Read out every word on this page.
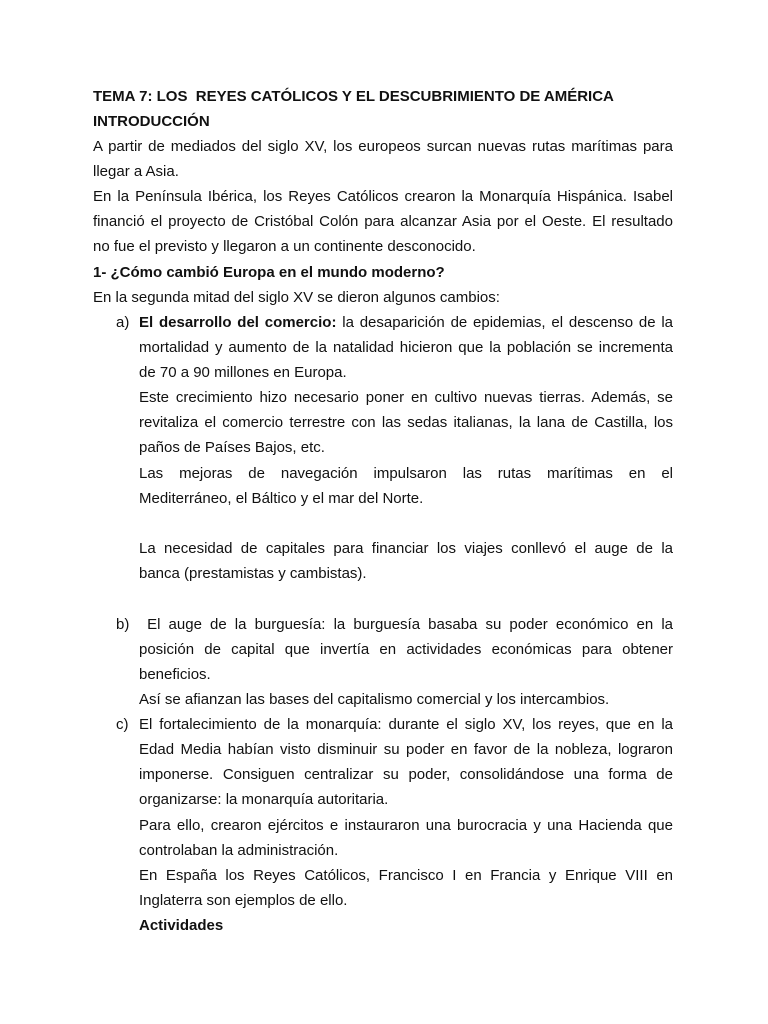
TEMA 7: LOS  REYES CATÓLICOS Y EL DESCUBRIMIENTO DE AMÉRICA
INTRODUCCIÓN
A partir de mediados del siglo XV, los europeos surcan nuevas rutas marítimas para
llegar a Asia.
En la Península Ibérica, los Reyes Católicos crearon la Monarquía Hispánica. Isabel
financió el proyecto de Cristóbal Colón para alcanzar Asia por el Oeste. El resultado
no fue el previsto y llegaron a un continente desconocido.
1- ¿Cómo cambió Europa en el mundo moderno?
En la segunda mitad del siglo XV se dieron algunos cambios:
a) El desarrollo del comercio: la desaparición de epidemias, el descenso de la
mortalidad y aumento de la natalidad hicieron que la población se incrementa
de 70 a 90 millones en Europa.
Este crecimiento hizo necesario poner en cultivo nuevas tierras. Además, se
revitaliza el comercio terrestre con las sedas italianas, la lana de Castilla, los
paños de Países Bajos, etc.
Las mejoras de navegación impulsaron las rutas marítimas en el
Mediterráneo, el Báltico y el mar del Norte.
La necesidad de capitales para financiar los viajes conllevó el auge de la
banca (prestamistas y cambistas).
b) El auge de la burguesía: la burguesía basaba su poder económico en la
posición de capital que invertía en actividades económicas para obtener
beneficios.
Así se afianzan las bases del capitalismo comercial y los intercambios.
c) El fortalecimiento de la monarquía: durante el siglo XV, los reyes, que en la
Edad Media habían visto disminuir su poder en favor de la nobleza, lograron
imponerse. Consiguen centralizar su poder, consolidándose una forma de
organizarse: la monarquía autoritaria.
Para ello, crearon ejércitos e instauraron una burocracia y una Hacienda que
controlaban la administración.
En España los Reyes Católicos, Francisco I en Francia y Enrique VIII en
Inglaterra son ejemplos de ello.
Actividades
